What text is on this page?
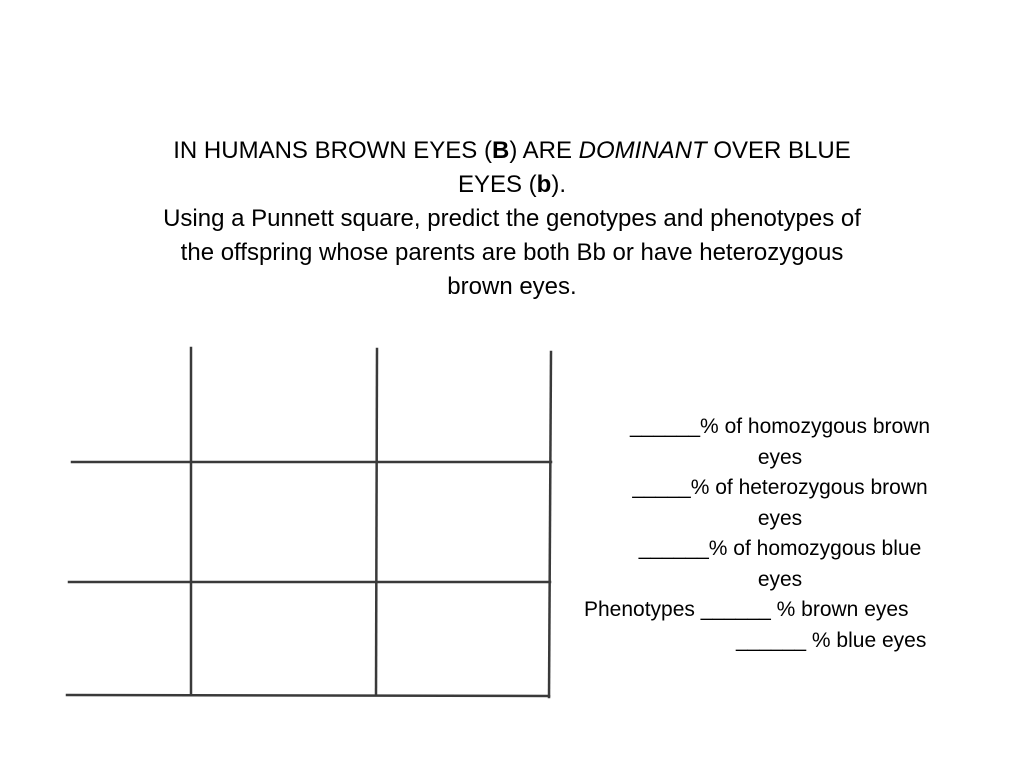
IN HUMANS BROWN EYES (B) ARE DOMINANT OVER BLUE
EYES (b).
Using a Punnett square, predict the genotypes and phenotypes of
the offspring whose parents are both Bb or have heterozygous
brown eyes.
______% of homozygous brown
eyes
_____% of heterozygous brown
eyes
______% of homozygous blue
eyes
Phenotypes ______ % brown eyes
______ % blue eyes
